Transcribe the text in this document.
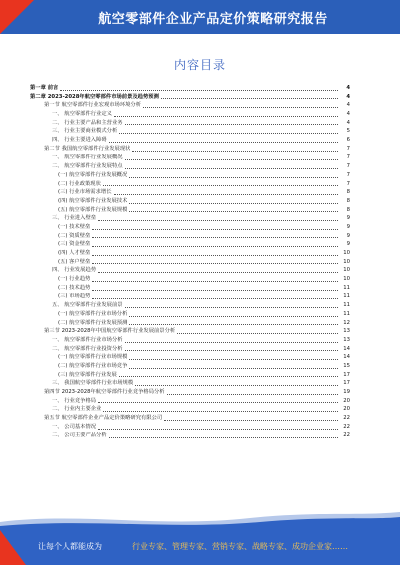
航空零部件企业产品定价策略研究报告
内容目录
第一章 前言	4
第二章 2023-2028年航空零部件市场前景及趋势预测	4
第一节 航空零部件行业宏观市场环境分析	4
一、 航空零部件行业定义	4
二、 行业主要产品和主营业务	4
三、 行业主要商业模式分析	5
四、 行业主要进入障碍	6
第二节 我国航空零部件行业发展现状	7
一、 航空零部件行业发展概况	7
二、 航空零部件行业发展特点	7
(一) 航空零部件行业发展概况	7
(二) 行业政策现状	7
(三) 行业市场需求增长	8
(四) 航空零部件行业发展技术	8
(五) 航空零部件行业发展规模	8
三、 行业进入壁垒	9
(一) 技术壁垒	9
(二) 资质壁垒	9
(三) 资金壁垒	9
(四) 人才壁垒	10
(五) 客户壁垒	10
四、 行业发展趋势	10
(一) 行业趋势	10
(二) 技术趋势	11
(三) 市场趋势	11
五、 航空零部件行业发展前景	11
(一) 航空零部件行业市场分析	11
(二) 航空零部件行业发展预测	12
第三节 2023-2028年中国航空零部件行业发展前景分析	13
一、 航空零部件行业市场分析	13
二、 航空零部件行业投资分析	14
(一) 航空零部件行业市场规模	14
(二) 航空零部件行业市场竞争	15
(三) 航空零部件行业发展	17
三、 我国航空零部件行业市场规模	17
第四节 2023-2028年航空零部件行业竞争格局分析	19
一、 行业竞争格局	20
二、 行业内主要企业	20
第五节 航空零部件企业产品定价策略研究有限公司	22
一、 公司基本情况	22
二、 公司主要产品分析	22
让每个人都能成为	行业专家、管理专家、营销专家、战略专家、成功企业家……
